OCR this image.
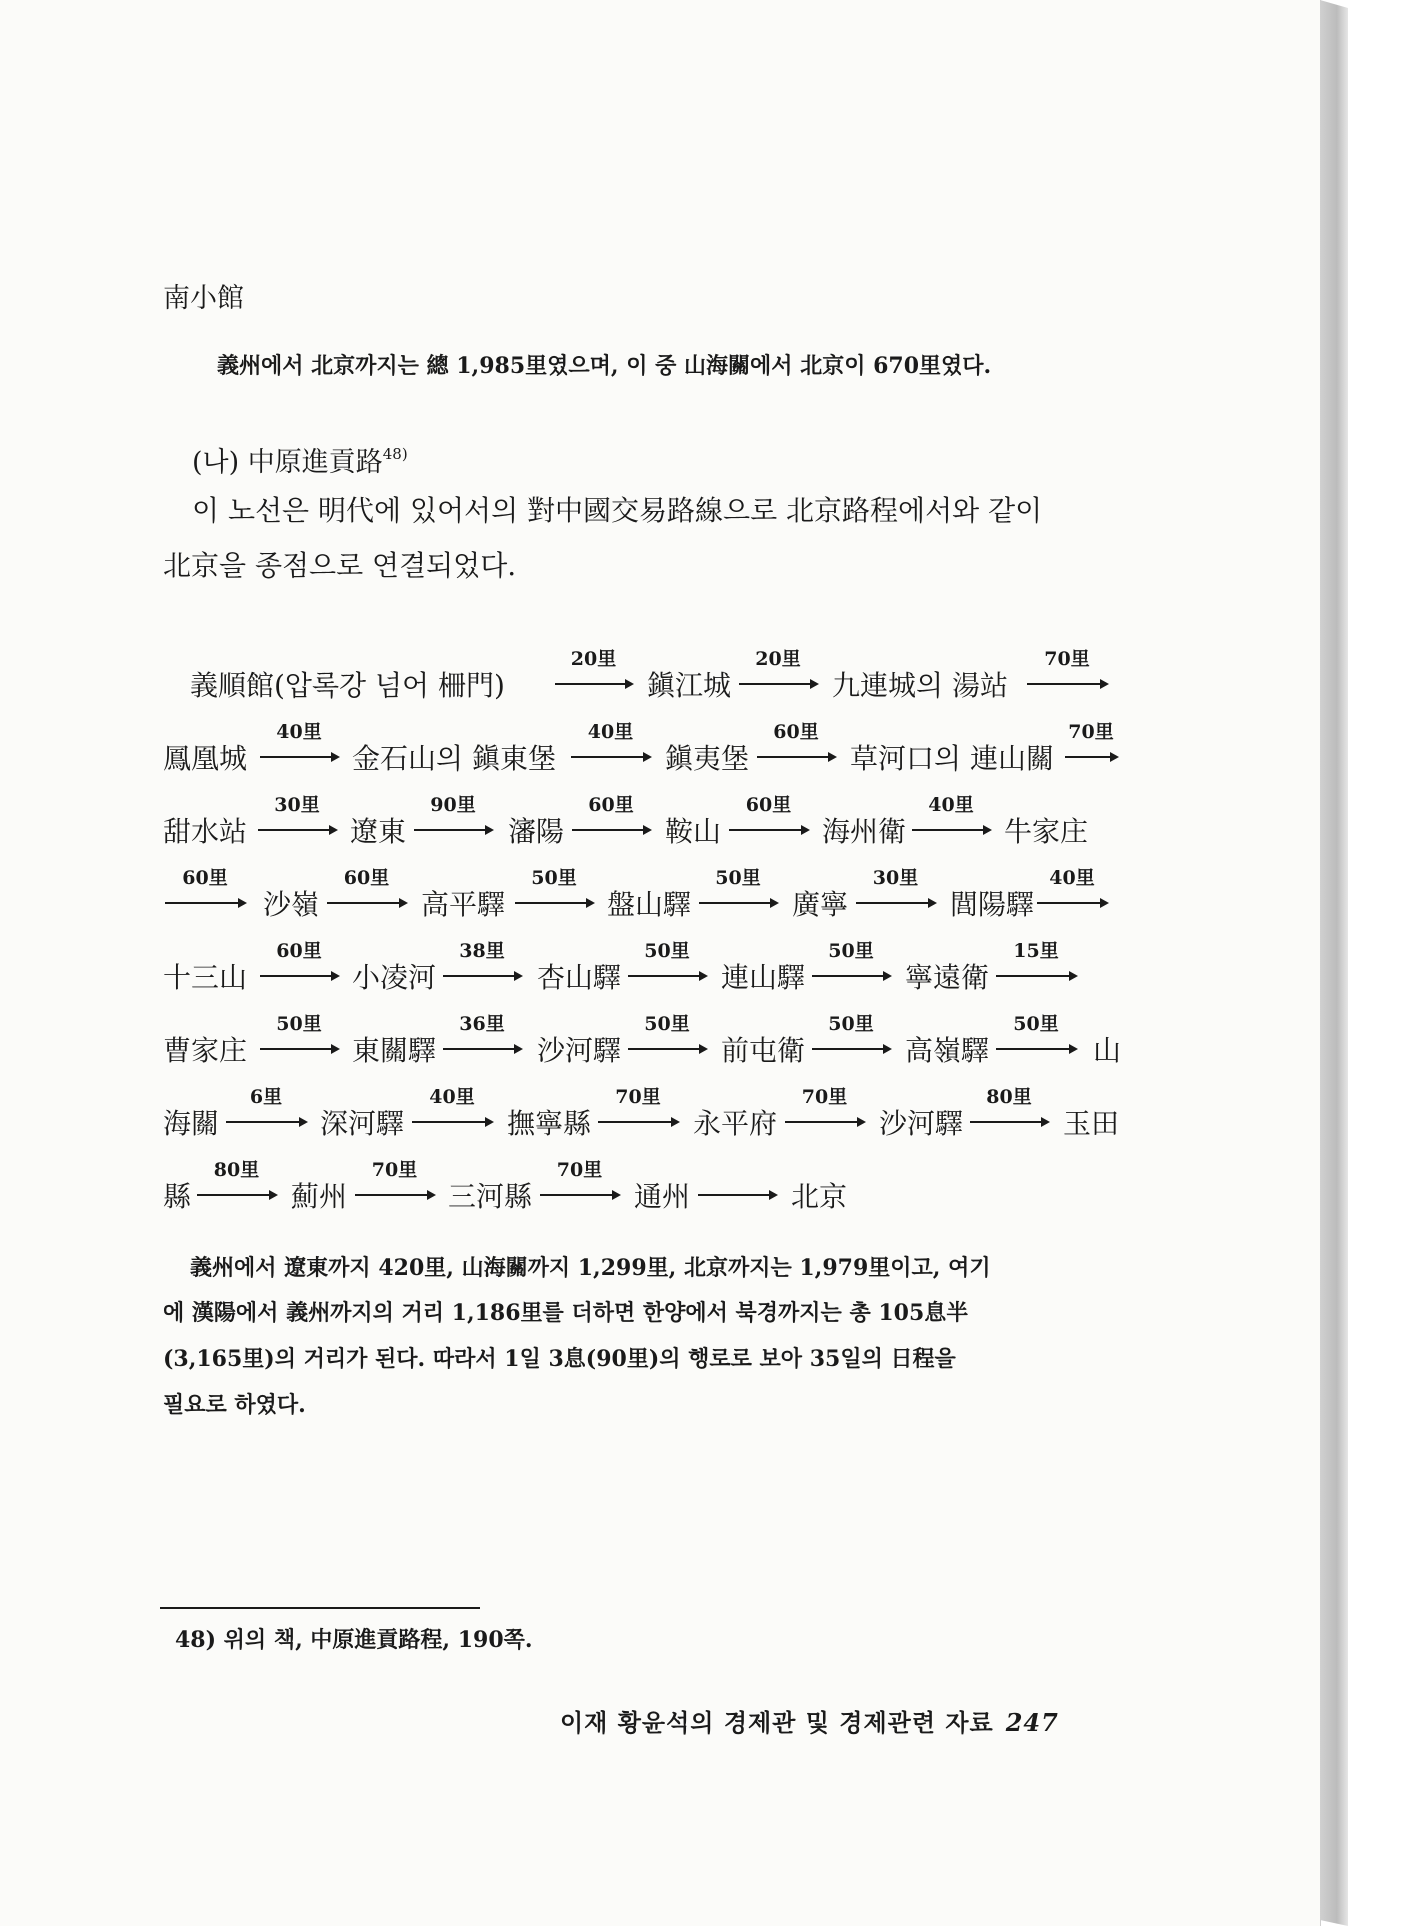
南小館
義州에서 北京까지는 總 1,985里였으며, 이 중 山海關에서 北京이 670里였다.
(나) 中原進貢路$^{48)}$
이 노선은 明代에 있어서의 對中國交易路線으로 北京路程에서와 같이
北京을 종점으로 연결되었다.
義順館(압록강 넘어 柵門)
20里
鎭江城
20里
九連城의 湯站
70里
鳳凰城
40里
金石山의 鎭東堡
40里
鎭夷堡
60里
草河口의 連山關
70里
甜水站
30里
遼東
90里
瀋陽
60里
鞍山
60里
海州衛
40里
牛家庄
60里
沙嶺
60里
高平驛
50里
盤山驛
50里
廣寧
30里
閭陽驛
40里
十三山
60里
小凌河
38里
杏山驛
50里
連山驛
50里
寧遠衛
15里
曹家庄
50里
東關驛
36里
沙河驛
50里
前屯衛
50里
高嶺驛
50里
山
海關
6里
深河驛
40里
撫寧縣
70里
永平府
70里
沙河驛
80里
玉田
縣
80里
薊州
70里
三河縣
70里
通州	北京
義州에서 遼東까지 420里, 山海關까지 1,299里, 北京까지는 1,979里이고, 여기
에 漢陽에서 義州까지의 거리 1,186里를 더하면 한양에서 북경까지는 총 105息半
(3,165里)의 거리가 된다. 따라서 1일 3息(90里)의 행로로 보아 35일의 日程을
필요로 하였다.
48) 위의 책, 中原進貢路程, 190쪽.
이재 황윤석의 경제관 및 경제관련 자료 247
